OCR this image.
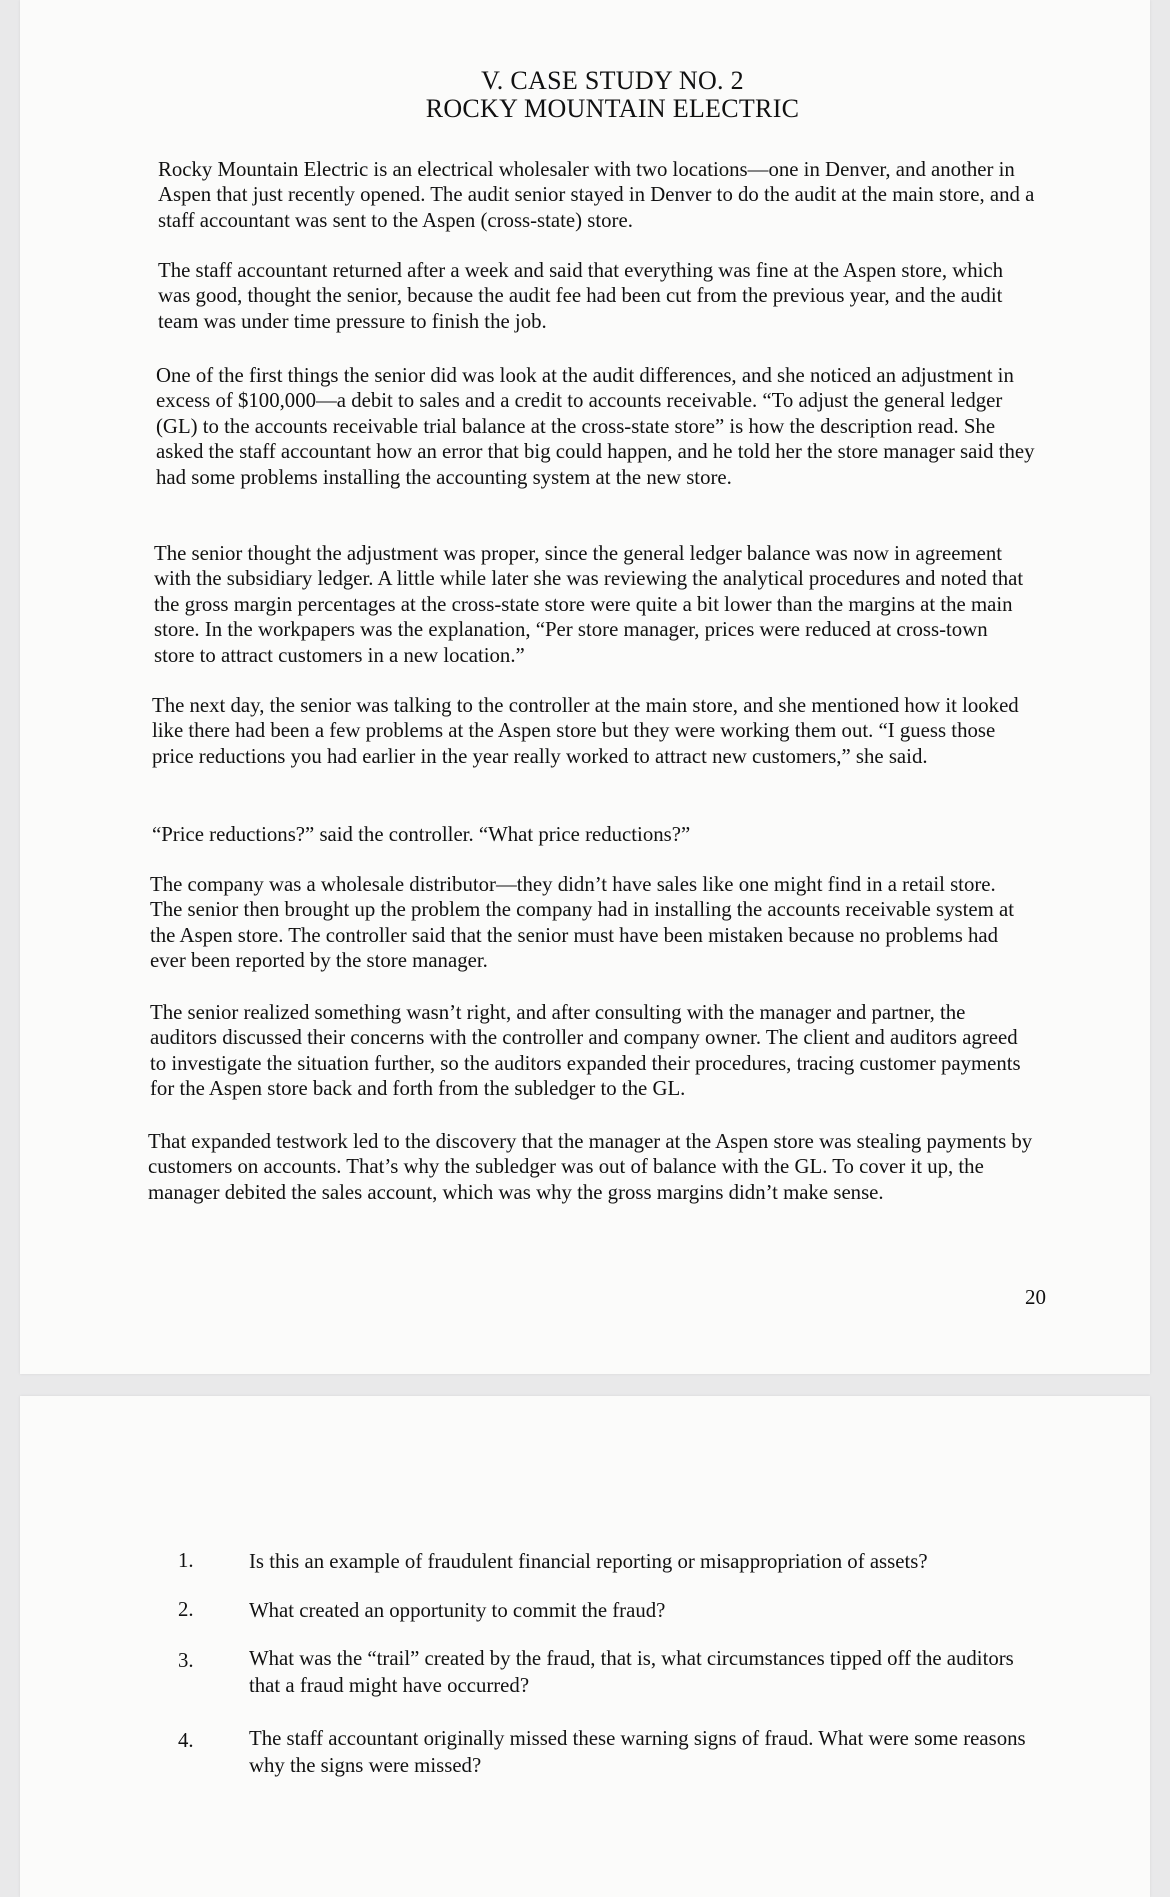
V. CASE STUDY NO. 2
ROCKY MOUNTAIN ELECTRIC

Rocky Mountain Electric is an electrical wholesaler with two locations—one in Denver, and another in Aspen that just recently opened. The audit senior stayed in Denver to do the audit at the main store, and a staff accountant was sent to the Aspen (cross-state) store.

The staff accountant returned after a week and said that everything was fine at the Aspen store, which was good, thought the senior, because the audit fee had been cut from the previous year, and the audit team was under time pressure to finish the job.

One of the first things the senior did was look at the audit differences, and she noticed an adjustment in excess of $100,000—a debit to sales and a credit to accounts receivable. “To adjust the general ledger (GL) to the accounts receivable trial balance at the cross-state store” is how the description read. She asked the staff accountant how an error that big could happen, and he told her the store manager said they had some problems installing the accounting system at the new store.

The senior thought the adjustment was proper, since the general ledger balance was now in agreement with the subsidiary ledger. A little while later she was reviewing the analytical procedures and noted that the gross margin percentages at the cross-state store were quite a bit lower than the margins at the main store. In the workpapers was the explanation, “Per store manager, prices were reduced at cross-town store to attract customers in a new location.”

The next day, the senior was talking to the controller at the main store, and she mentioned how it looked like there had been a few problems at the Aspen store but they were working them out. “I guess those price reductions you had earlier in the year really worked to attract new customers,” she said.

“Price reductions?” said the controller. “What price reductions?”

The company was a wholesale distributor—they didn’t have sales like one might find in a retail store. The senior then brought up the problem the company had in installing the accounts receivable system at the Aspen store. The controller said that the senior must have been mistaken because no problems had ever been reported by the store manager.

The senior realized something wasn’t right, and after consulting with the manager and partner, the auditors discussed their concerns with the controller and company owner. The client and auditors agreed to investigate the situation further, so the auditors expanded their procedures, tracing customer payments for the Aspen store back and forth from the subledger to the GL.

That expanded testwork led to the discovery that the manager at the Aspen store was stealing payments by customers on accounts. That’s why the subledger was out of balance with the GL. To cover it up, the manager debited the sales account, which was why the gross margins didn’t make sense.

20
1.	Is this an example of fraudulent financial reporting or misappropriation of assets?
2.	What created an opportunity to commit the fraud?
3.	What was the “trail” created by the fraud, that is, what circumstances tipped off the auditors that a fraud might have occurred?
4.	The staff accountant originally missed these warning signs of fraud. What were some reasons why the signs were missed?
